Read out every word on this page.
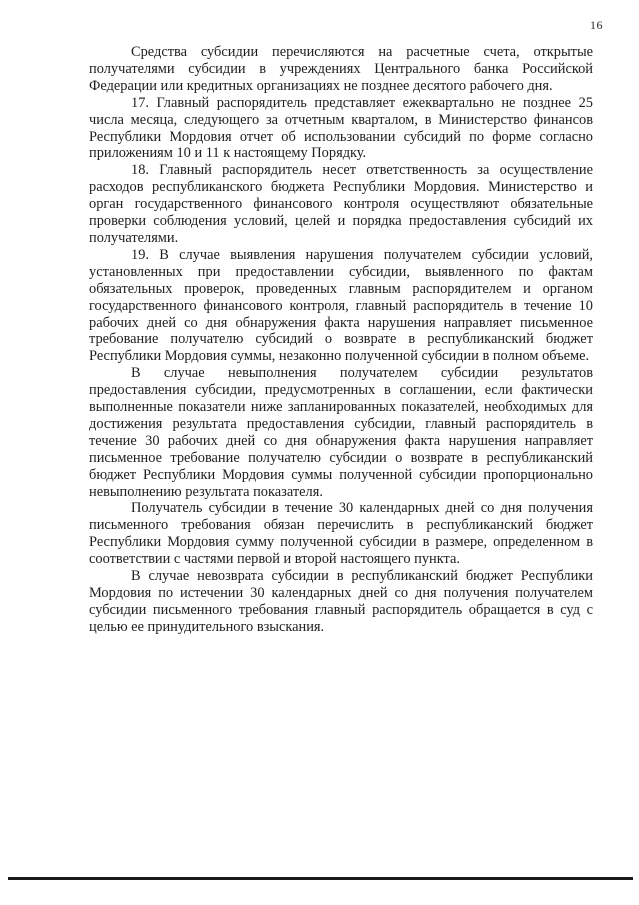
16

Средства субсидии перечисляются на расчетные счета, открытые получателями субсидии в учреждениях Центрального банка Российской Федерации или кредитных организациях не позднее десятого рабочего дня.

17. Главный распорядитель представляет ежеквартально не позднее 25 числа месяца, следующего за отчетным кварталом, в Министерство финансов Республики Мордовия отчет об использовании субсидий по форме согласно приложениям 10 и 11 к настоящему Порядку.

18. Главный распорядитель несет ответственность за осуществление расходов республиканского бюджета Республики Мордовия. Министерство и орган государственного финансового контроля осуществляют обязательные проверки соблюдения условий, целей и порядка предоставления субсидий их получателями.

19. В случае выявления нарушения получателем субсидии условий, установленных при предоставлении субсидии, выявленного по фактам обязательных проверок, проведенных главным распорядителем и органом государственного финансового контроля, главный распорядитель в течение 10 рабочих дней со дня обнаружения факта нарушения направляет письменное требование получателю субсидий о возврате в республиканский бюджет Республики Мордовия суммы, незаконно полученной субсидии в полном объеме.

В случае невыполнения получателем субсидии результатов предоставления субсидии, предусмотренных в соглашении, если фактически выполненные показатели ниже запланированных показателей, необходимых для достижения результата предоставления субсидии, главный распорядитель в течение 30 рабочих дней со дня обнаружения факта нарушения направляет письменное требование получателю субсидии о возврате в республиканский бюджет Республики Мордовия суммы полученной субсидии пропорционально невыполнению результата показателя.

Получатель субсидии в течение 30 календарных дней со дня получения письменного требования обязан перечислить в республиканский бюджет Республики Мордовия сумму полученной субсидии в размере, определенном в соответствии с частями первой и второй настоящего пункта.

В случае невозврата субсидии в республиканский бюджет Республики Мордовия по истечении 30 календарных дней со дня получения получателем субсидии письменного требования главный распорядитель обращается в суд с целью ее принудительного взыскания.
